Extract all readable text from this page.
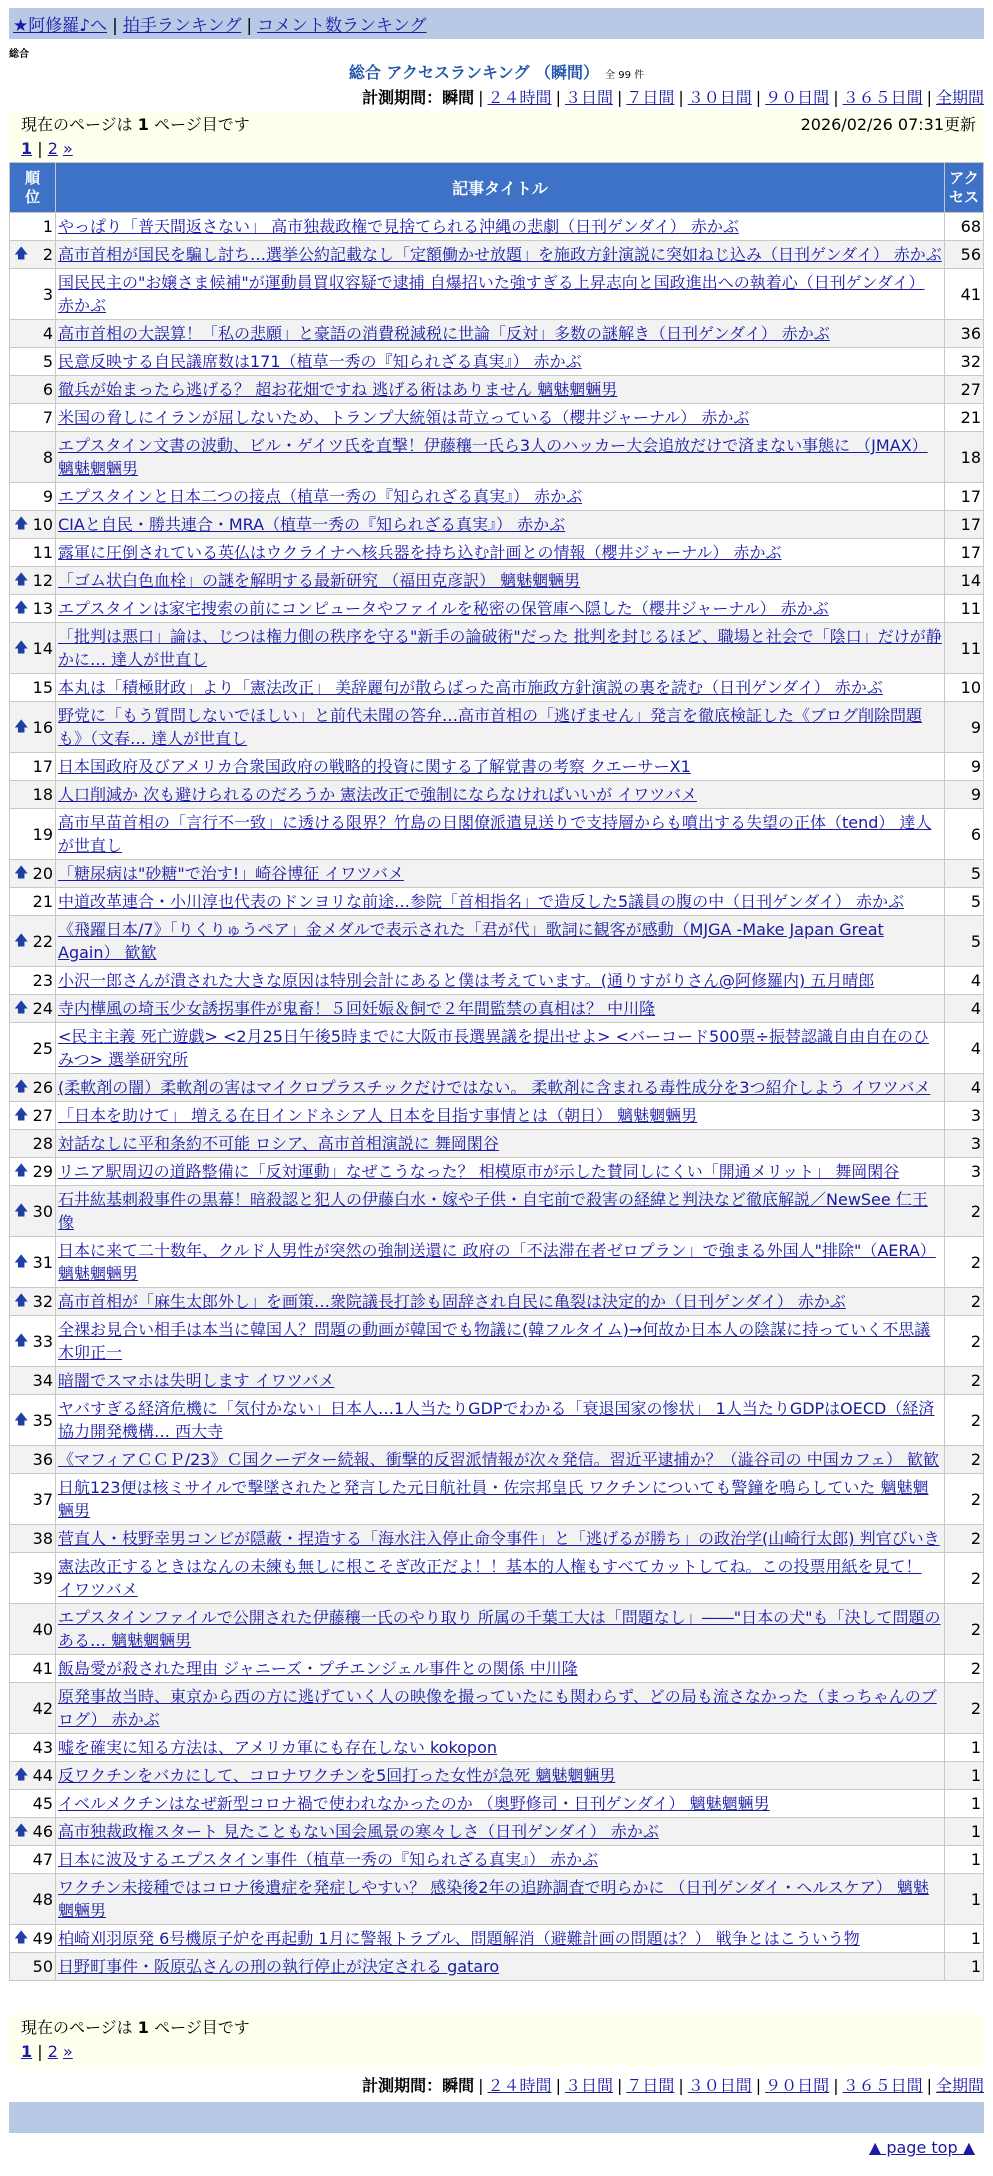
★阿修羅♪へ | 拍手ランキング | コメント数ランキング
総合
総合 アクセスランキング （瞬間） 全 99 件
計測期間：瞬間 | ２４時間 | ３日間 | ７日間 | ３０日間 | ９０日間 | ３６５日間 | 全期間
現在のページは 1 ページ目です
1 | 2 »
2026/02/26 07:31更新
順位	記事タイトル	アクセス
1	やっぱり「普天間返さない」 高市独裁政権で見捨てられる沖縄の悲劇（日刊ゲンダイ） 赤かぶ	68

🡅 2	高市首相が国民を騙し討ち…選挙公約記載なし「定額働かせ放題」を施政方針演説に突如ねじ込み（日刊ゲンダイ） 赤かぶ	56
3	国民民主の"お嬢さま候補"が運動員買収容疑で逮捕 自爆招いた強すぎる上昇志向と国政進出への執着心（日刊ゲンダイ） 赤かぶ	41
4	高市首相の大誤算！「私の悲願」と豪語の消費税減税に世論「反対」多数の謎解き（日刊ゲンダイ） 赤かぶ	36
5	民意反映する自民議席数は171（植草一秀の『知られざる真実』） 赤かぶ	32
6	徹兵が始まったら逃げる？ 超お花畑ですね 逃げる術はありません 魑魅魍魎男	27
7	米国の脅しにイランが屈しないため、トランプ大統領は苛立っている（櫻井ジャーナル） 赤かぶ	21
8	エプスタイン文書の波動、ビル・ゲイツ氏を直撃！伊藤穰一氏ら3人のハッカー大会追放だけで済まない事態に （JMAX） 魑魅魍魎男	18
9	エプスタインと日本二つの接点（植草一秀の『知られざる真実』） 赤かぶ	17

🡅 10	CIAと自民・勝共連合・MRA（植草一秀の『知られざる真実』） 赤かぶ	17
11	露軍に圧倒されている英仏はウクライナへ核兵器を持ち込む計画との情報（櫻井ジャーナル） 赤かぶ	17

🡅 12	「ゴム状白色血栓」の謎を解明する最新研究 （福田克彦訳） 魑魅魍魎男	14

🡅 13	エプスタインは家宅捜索の前にコンピュータやファイルを秘密の保管庫へ隠した（櫻井ジャーナル） 赤かぶ	11

🡅 14	「批判は悪口」論は、じつは権力側の秩序を守る"新手の論破術"だった 批判を封じるほど、職場と社会で「陰口」だけが静かに… 達人が世直し	11
15	本丸は「積極財政」より「憲法改正」 美辞麗句が散らばった高市施政方針演説の裏を読む（日刊ゲンダイ） 赤かぶ	10

🡅 16	野党に「もう質問しないでほしい」と前代未聞の答弁…高市首相の「逃げません」発言を徹底検証した《ブログ削除問題も》（文春… 達人が世直し	9
17	日本国政府及びアメリカ合衆国政府の戦略的投資に関する了解覚書の考察 クエーサーX1	9
18	人口削減か 次も避けられるのだろうか 憲法改正で強制にならなければいいが イワツバメ	9
19	高市早苗首相の「言行不一致」に透ける限界？竹島の日閣僚派遣見送りで支持層からも噴出する失望の正体（tend） 達人が世直し	6

🡅 20	「糖尿病は"砂糖"で治す!」崎谷博征 イワツバメ	5
21	中道改革連合・小川淳也代表のドンヨリな前途…参院「首相指名」で造反した5議員の腹の中（日刊ゲンダイ） 赤かぶ	5

🡅 22	《飛躍日本/7》「りくりゅうペア」金メダルで表示された「君が代」歌詞に観客が感動（MJGA -Make Japan Great Again） 歓歓	5
23	小沢一郎さんが潰された大きな原因は特別会計にあると僕は考えています。(通りすがりさん@阿修羅内) 五月晴郎	4

🡅 24	寺内樺風の埼玉少女誘拐事件が鬼畜！５回妊娠＆飼で２年間監禁の真相は？ 中川隆	4
25	<民主主義 死亡遊戯> <2月25日午後5時までに大阪市長選異議を提出せよ> <バーコード500票÷振替認識自由自在のひみつ> 選挙研究所	4

🡅 26	(柔軟剤の闇）柔軟剤の害はマイクロプラスチックだけではない。 柔軟剤に含まれる毒性成分を3つ紹介しよう イワツバメ	4

🡅 27	「日本を助けて」 増える在日インドネシア人 日本を目指す事情とは（朝日） 魑魅魍魎男	3
28	対話なしに平和条約不可能 ロシア、高市首相演説に 舞岡閑谷	3

🡅 29	リニア駅周辺の道路整備に「反対運動」なぜこうなった？ 相模原市が示した賛同しにくい「開通メリット」 舞岡閑谷	3

🡅 30	石井紘基刺殺事件の黒幕！暗殺認と犯人の伊藤白水・嫁や子供・自宅前で殺害の経緯と判決など徹底解説／NewSee 仁王像	2

🡅 31	日本に来て二十数年、クルド人男性が突然の強制送還に 政府の「不法滞在者ゼロプラン」で強まる外国人"排除"（AERA） 魑魅魍魎男	2

🡅 32	高市首相が「麻生太郎外し」を画策…衆院議長打診も固辞され自民に亀裂は決定的か（日刊ゲンダイ） 赤かぶ	2

🡅 33	全裸お見合い相手は本当に韓国人？問題の動画が韓国でも物議に(韓フルタイム)→何故か日本人の陰謀に持っていく不思議 木卯正一	2
34	暗闇でスマホは失明します イワツバメ	2

🡅 35	ヤバすぎる経済危機に「気付かない」日本人…1人当たりGDPでわかる「衰退国家の惨状」 1人当たりGDPはOECD（経済協力開発機構… 西大寺	2
36	《マフィアＣＣＰ/23》Ｃ国クーデター続報、衝撃的反習派情報が次々発信。習近平逮捕か？（澁谷司の 中国カフェ） 歓歓	2
37	日航123便は核ミサイルで撃墜されたと発言した元日航社員・佐宗邦皇氏 ワクチンについても警鐘を鳴らしていた 魑魅魍魎男	2
38	菅直人・枝野幸男コンビが隠蔽・捏造する「海水注入停止命令事件」と「逃げるが勝ち」の政治学(山崎行太郎) 判官びいき	2
39	憲法改正するときはなんの未練も無しに根こそぎ改正だよ！！基本的人権もすべてカットしてね。この投票用紙を見て！ イワツバメ	2
40	エプスタインファイルで公開された伊藤穰一氏のやり取り 所属の千葉工大は「問題なし」――"日本の犬"も「決して問題のある… 魑魅魍魎男	2
41	飯島愛が殺された理由 ジャニーズ・プチエンジェル事件との関係 中川隆	2
42	原発事故当時、東京から西の方に逃げていく人の映像を撮っていたにも関わらず、どの局も流さなかった（まっちゃんのブログ） 赤かぶ	2
43	嘘を確実に知る方法は、アメリカ軍にも存在しない kokopon	1

🡅 44	反ワクチンをバカにして、コロナワクチンを5回打った女性が急死 魑魅魍魎男	1
45	イベルメクチンはなぜ新型コロナ禍で使われなかったのか （奥野修司・日刊ゲンダイ） 魑魅魍魎男	1

🡅 46	高市独裁政権スタート 見たこともない国会風景の寒々しさ（日刊ゲンダイ） 赤かぶ	1
47	日本に波及するエプスタイン事件（植草一秀の『知られざる真実』） 赤かぶ	1
48	ワクチン未接種ではコロナ後遺症を発症しやすい？ 感染後2年の追跡調査で明らかに （日刊ゲンダイ・ヘルスケア） 魑魅魍魎男	1

🡅 49	柏崎刈羽原発 6号機原子炉を再起動 1月に警報トラブル、問題解消（避難計画の問題は？） 戦争とはこういう物	1
50	日野町事件・阪原弘さんの刑の執行停止が決定される gataro	1
現在のページは 1 ページ目です
1 | 2 »
計測期間：瞬間 | ２４時間 | ３日間 | ７日間 | ３０日間 | ９０日間 | ３６５日間 | 全期間
▲ page top ▲
